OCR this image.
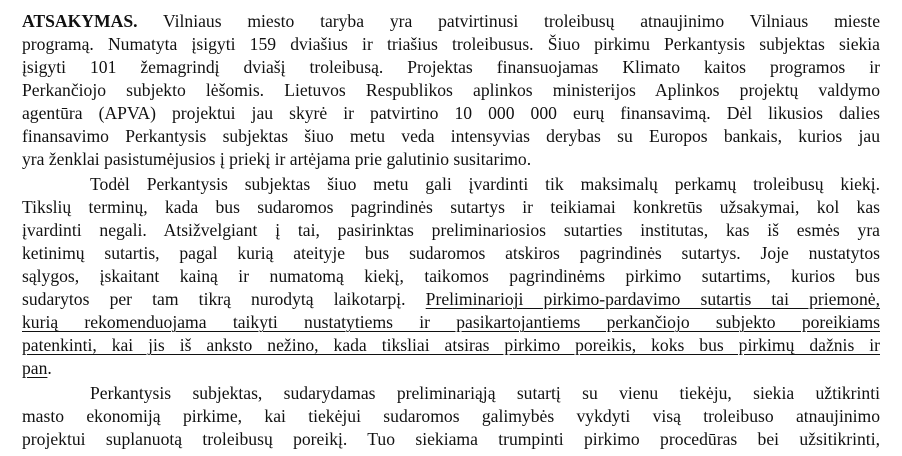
ATSAKYMAS. Vilniaus miesto taryba yra patvirtinusi troleibusų atnaujinimo Vilniaus mieste
programą. Numatyta įsigyti 159 dviašius ir triašius troleibusus. Šiuo pirkimu Perkantysis subjektas siekia
įsigyti 101 žemagrindį dviašį troleibusą. Projektas finansuojamas Klimato kaitos programos ir
Perkančiojo subjekto lėšomis. Lietuvos Respublikos aplinkos ministerijos Aplinkos projektų valdymo
agentūra (APVA) projektui jau skyrė ir patvirtino 10 000 000 eurų finansavimą. Dėl likusios dalies
finansavimo Perkantysis subjektas šiuo metu veda intensyvias derybas su Europos bankais, kurios jau
yra ženklai pasistumėjusios į priekį ir artėjama prie galutinio susitarimo.
Todėl Perkantysis subjektas šiuo metu gali įvardinti tik maksimalų perkamų troleibusų kiekį.
Tikslių terminų, kada bus sudaromos pagrindinės sutartys ir teikiamai konkretūs užsakymai, kol kas
įvardinti negali. Atsižvelgiant į tai, pasirinktas preliminariosios sutarties institutas, kas iš esmės yra
ketinimų sutartis, pagal kurią ateityje bus sudaromos atskiros pagrindinės sutartys. Joje nustatytos
sąlygos, įskaitant kainą ir numatomą kiekį, taikomos pagrindinėms pirkimo sutartims, kurios bus
sudarytos per tam tikrą nurodytą laikotarpį. Preliminarioji pirkimo-pardavimo sutartis tai priemonė,
kurią rekomenduojama taikyti nustatytiems ir pasikartojantiems perkančiojo subjekto poreikiams
patenkinti, kai jis iš anksto nežino, kada tiksliai atsiras pirkimo poreikis, koks bus pirkimų dažnis ir
pan.
Perkantysis subjektas, sudarydamas preliminariąją sutartį su vienu tiekėju, siekia užtikrinti
masto ekonomiją pirkime, kai tiekėjui sudaromos galimybės vykdyti visą troleibuso atnaujinimo
projektui suplanuotą troleibusų poreikį. Tuo siekiama trumpinti pirkimo procedūras bei užsitikrinti,
